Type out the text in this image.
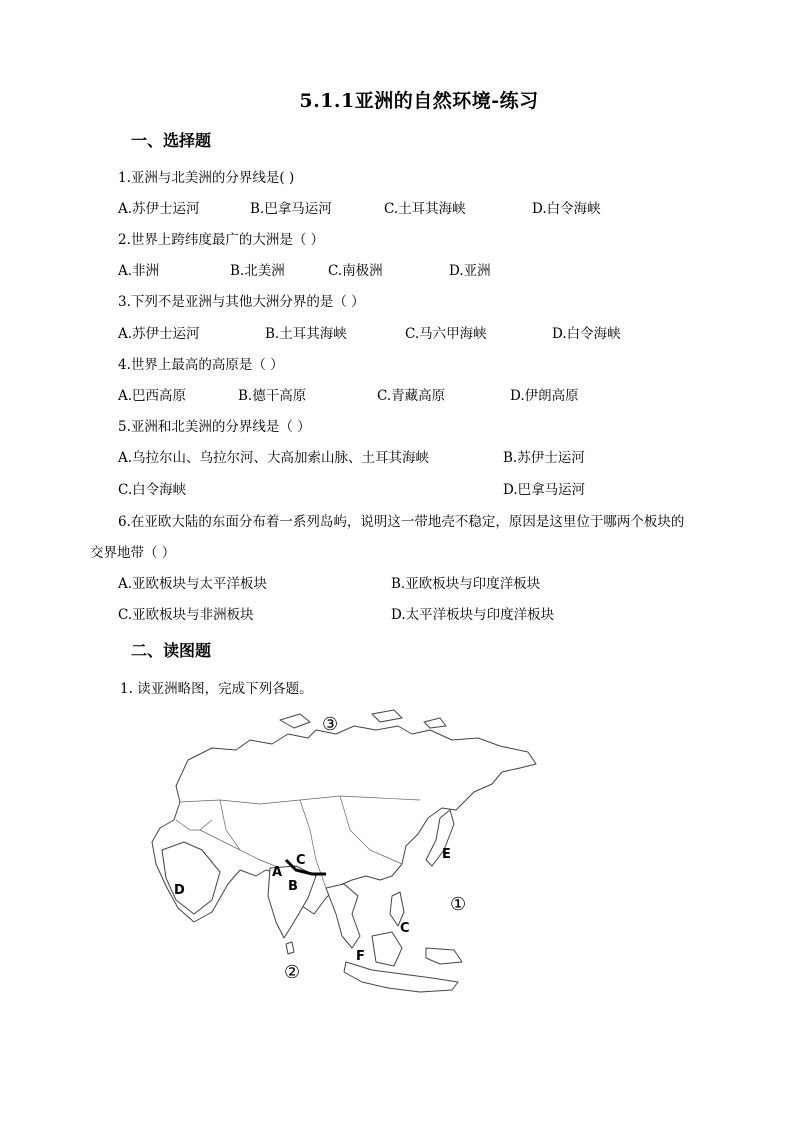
5.1.1亚洲的自然环境-练习
一、选择题
1.亚洲与北美洲的分界线是( )
A.苏伊士运河	B.巴拿马运河	C.土耳其海峡	D.白令海峡
2.世界上跨纬度最广的大洲是（ ）
A.非洲	B.北美洲	C.南极洲	D.亚洲
3.下列不是亚洲与其他大洲分界的是（ ）
A.苏伊士运河	B.土耳其海峡	C.马六甲海峡	D.白令海峡
4.世界上最高的高原是（ ）
A.巴西高原	B.德干高原	C.青藏高原	D.伊朗高原
5.亚洲和北美洲的分界线是（ ）
A.乌拉尔山、乌拉尔河、大高加索山脉、土耳其海峡	B.苏伊士运河
C.白令海峡	D.巴拿马运河
6.在亚欧大陆的东面分布着一系列岛屿，说明这一带地壳不稳定，原因是这里位于哪两个板块的
交界地带（ ）
A.亚欧板块与太平洋板块	B.亚欧板块与印度洋板块
C.亚欧板块与非洲板块	D.太平洋板块与印度洋板块
二、读图题
1. 读亚洲略图，完成下列各题。
③
①
②
A
B
C
C
D
E
F
